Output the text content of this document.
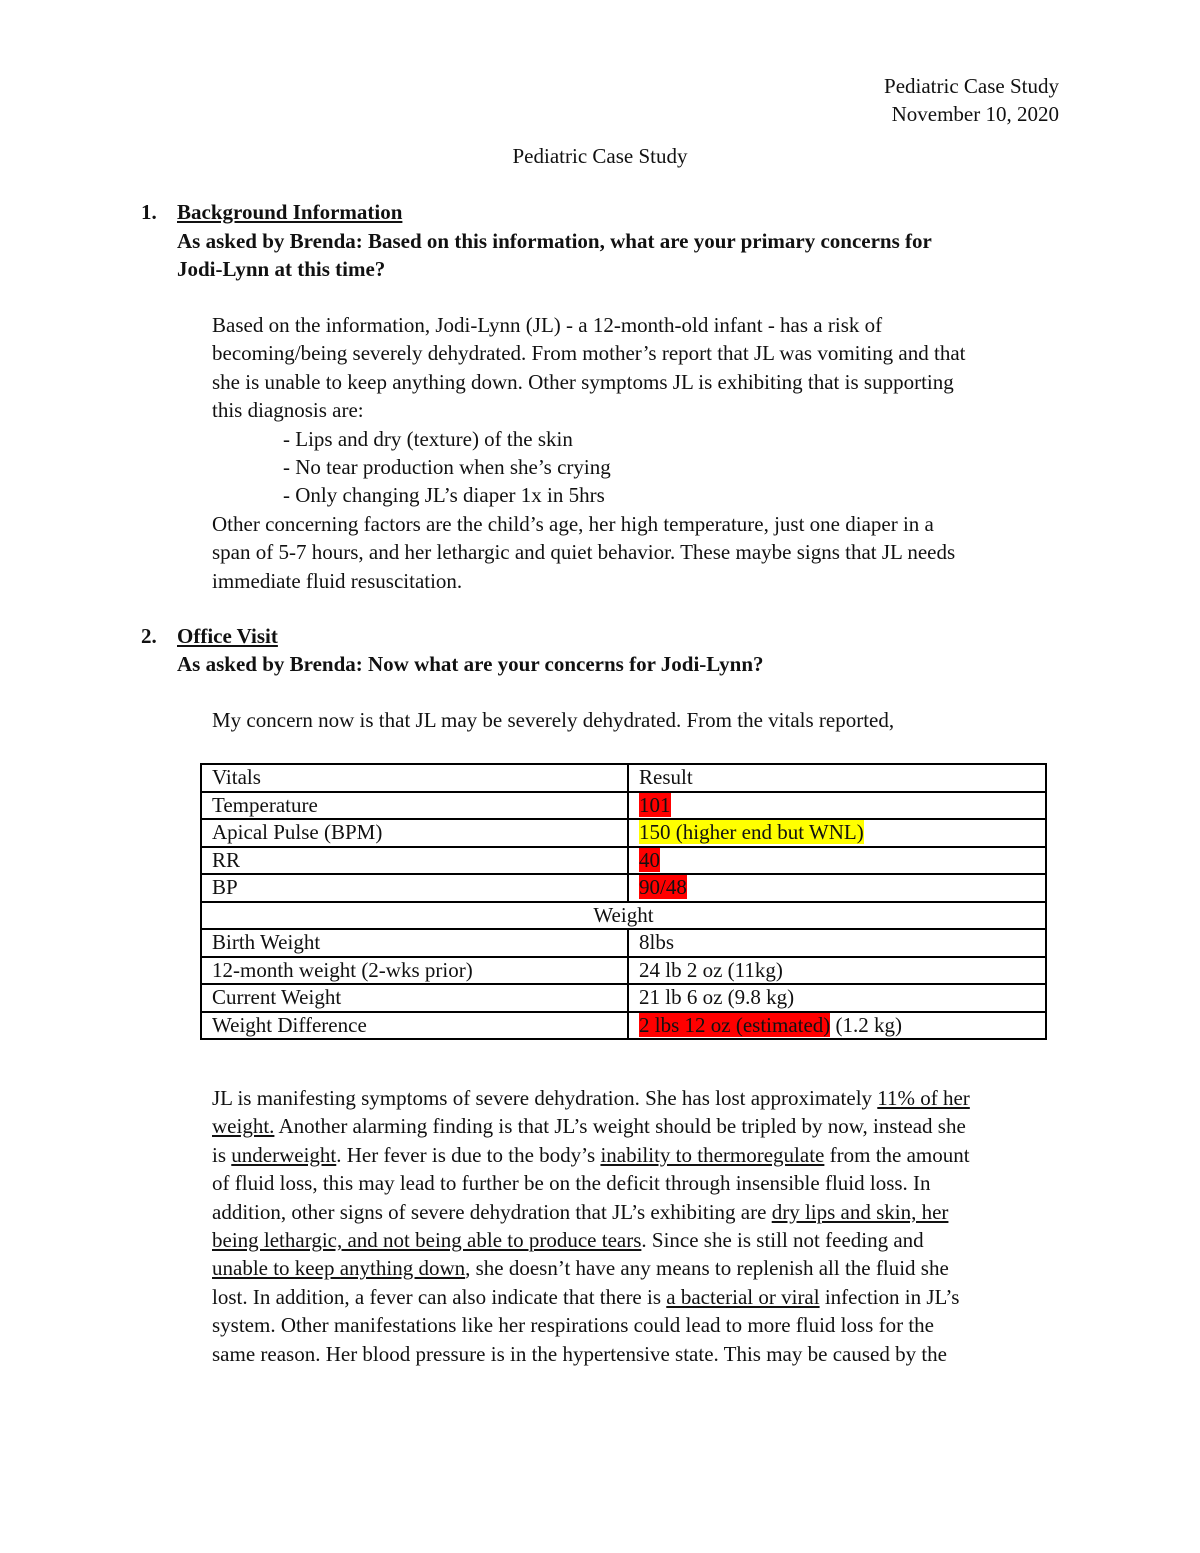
Pediatric Case Study
November 10, 2020
Pediatric Case Study
1. Background Information
As asked by Brenda: Based on this information, what are your primary concerns for
Jodi-Lynn at this time?
Based on the information, Jodi-Lynn (JL) - a 12-month-old infant - has a risk of
becoming/being severely dehydrated. From mother’s report that JL was vomiting and that
she is unable to keep anything down. Other symptoms JL is exhibiting that is supporting
this diagnosis are:
- Lips and dry (texture) of the skin
- No tear production when she’s crying
- Only changing JL’s diaper 1x in 5hrs
Other concerning factors are the child’s age, her high temperature, just one diaper in a
span of 5-7 hours, and her lethargic and quiet behavior. These maybe signs that JL needs
immediate fluid resuscitation.
2. Office Visit
As asked by Brenda: Now what are your concerns for Jodi-Lynn?
My concern now is that JL may be severely dehydrated. From the vitals reported,
Vitals	Result
Temperature	101
Apical Pulse (BPM)	150 (higher end but WNL)
RR	40
BP	90/48
Weight	
Birth Weight	8lbs
12-month weight (2-wks prior)	24 lb 2 oz (11kg)
Current Weight	21 lb 6 oz (9.8 kg)
Weight Difference	2 lbs 12 oz (estimated) (1.2 kg)
JL is manifesting symptoms of severe dehydration. She has lost approximately 11% of her
weight. Another alarming finding is that JL’s weight should be tripled by now, instead she
is underweight. Her fever is due to the body’s inability to thermoregulate from the amount
of fluid loss, this may lead to further be on the deficit through insensible fluid loss. In
addition, other signs of severe dehydration that JL’s exhibiting are dry lips and skin, her
being lethargic, and not being able to produce tears. Since she is still not feeding and
unable to keep anything down, she doesn’t have any means to replenish all the fluid she
lost. In addition, a fever can also indicate that there is a bacterial or viral infection in JL’s
system. Other manifestations like her respirations could lead to more fluid loss for the
same reason. Her blood pressure is in the hypertensive state. This may be caused by the
